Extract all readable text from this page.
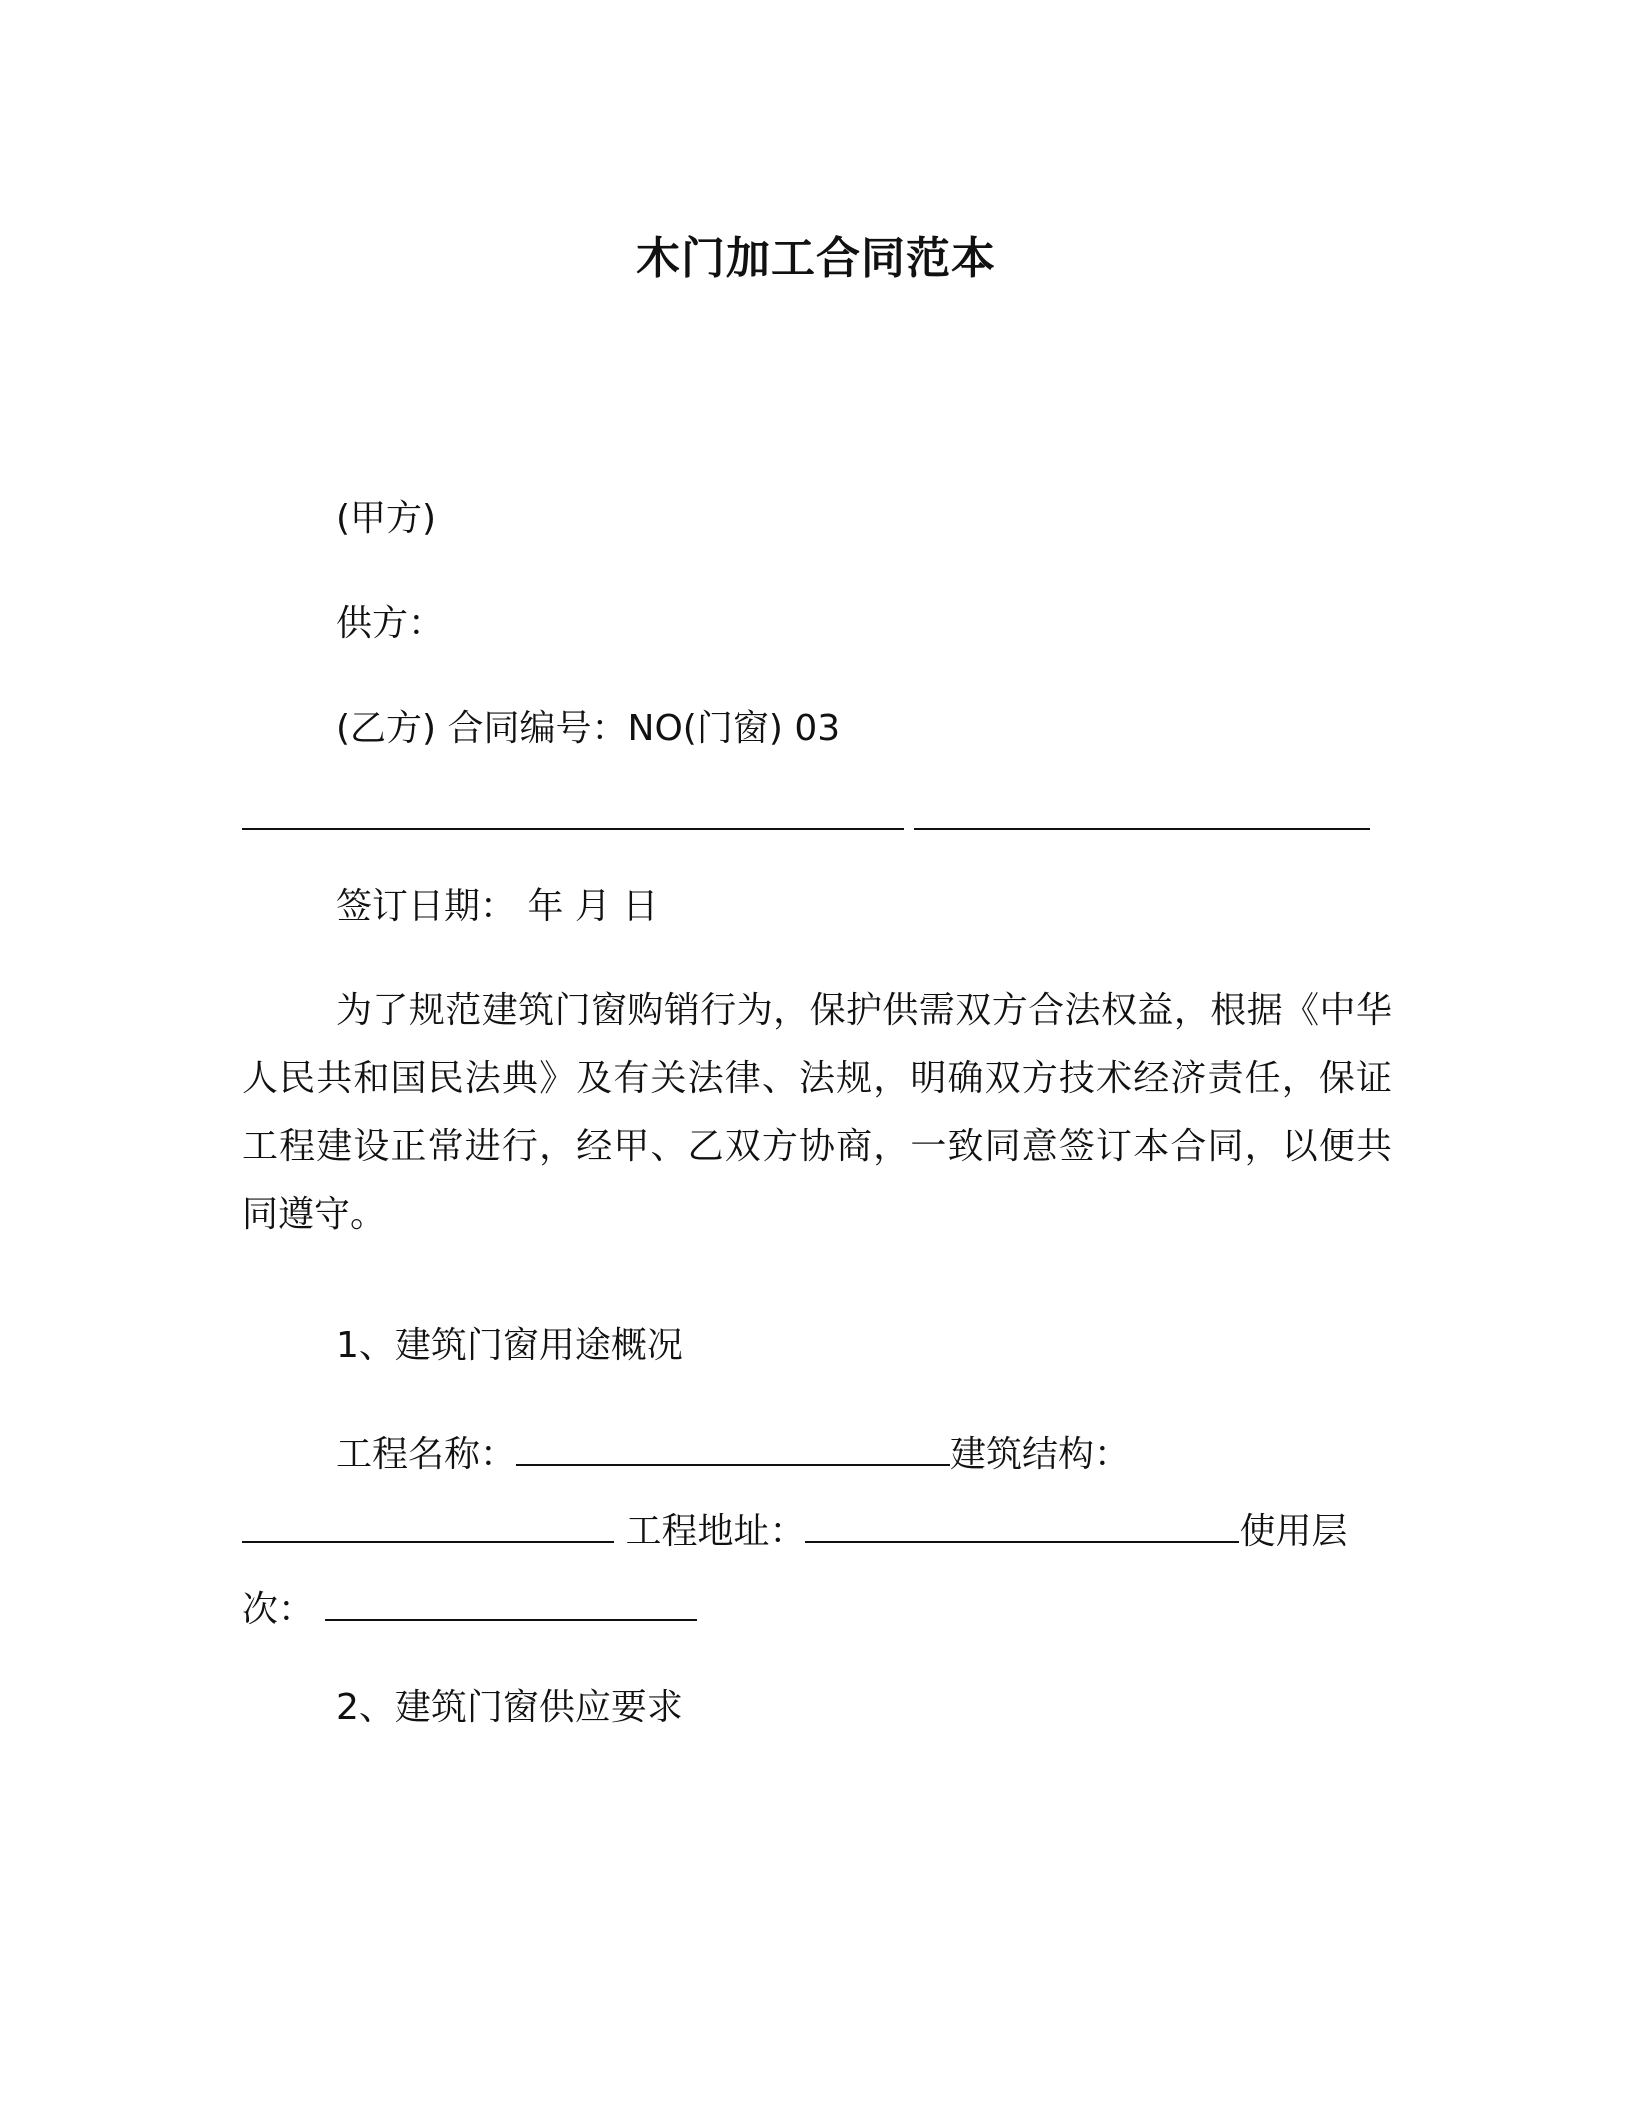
木门加工合同范本
(甲方)
供方：
(乙方) 合同编号：NO(门窗) 03
签订日期： 年 月 日
为了规范建筑门窗购销行为，保护供需双方合法权益，根据《中华人民共和国民法典》及有关法律、法规，明确双方技术经济责任，保证工程建设正常进行，经甲、乙双方协商，一致同意签订本合同，以便共同遵守。
1、建筑门窗用途概况
工程名称：	建筑结构：
工程地址：	使用层
次：
2、建筑门窗供应要求
